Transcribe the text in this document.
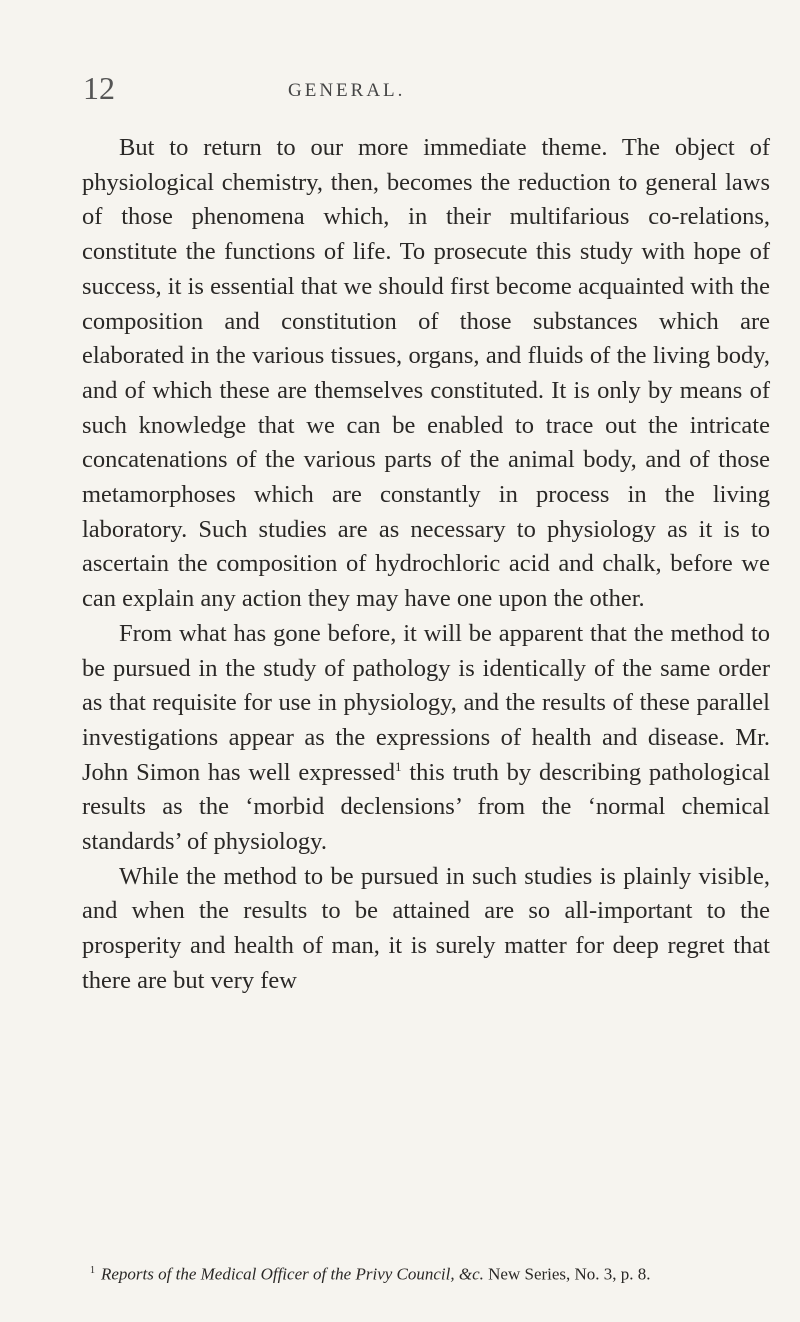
12	GENERAL.

But to return to our more immediate theme. The object of physiological chemistry, then, becomes the reduction to general laws of those phenomena which, in their multifarious co-relations, constitute the functions of life. To prosecute this study with hope of success, it is essential that we should first become acquainted with the composition and constitution of those substances which are elaborated in the various tissues, organs, and fluids of the living body, and of which these are themselves constituted. It is only by means of such knowledge that we can be enabled to trace out the intricate concatenations of the various parts of the animal body, and of those metamorphoses which are constantly in process in the living laboratory. Such studies are as necessary to physiology as it is to ascertain the composition of hydrochloric acid and chalk, before we can explain any action they may have one upon the other.

From what has gone before, it will be apparent that the method to be pursued in the study of pathology is identically of the same order as that requisite for use in physiology, and the results of these parallel investigations appear as the expressions of health and disease. Mr. John Simon has well expressed$^1$ this truth by describing pathological results as the ‘morbid declensions’ from the ‘normal chemical standards’ of physiology.

While the method to be pursued in such studies is plainly visible, and when the results to be attained are so all-important to the prosperity and health of man, it is surely matter for deep regret that there are but very few

$^1$ Reports of the Medical Officer of the Privy Council, &c. New Series, No. 3, p. 8.
